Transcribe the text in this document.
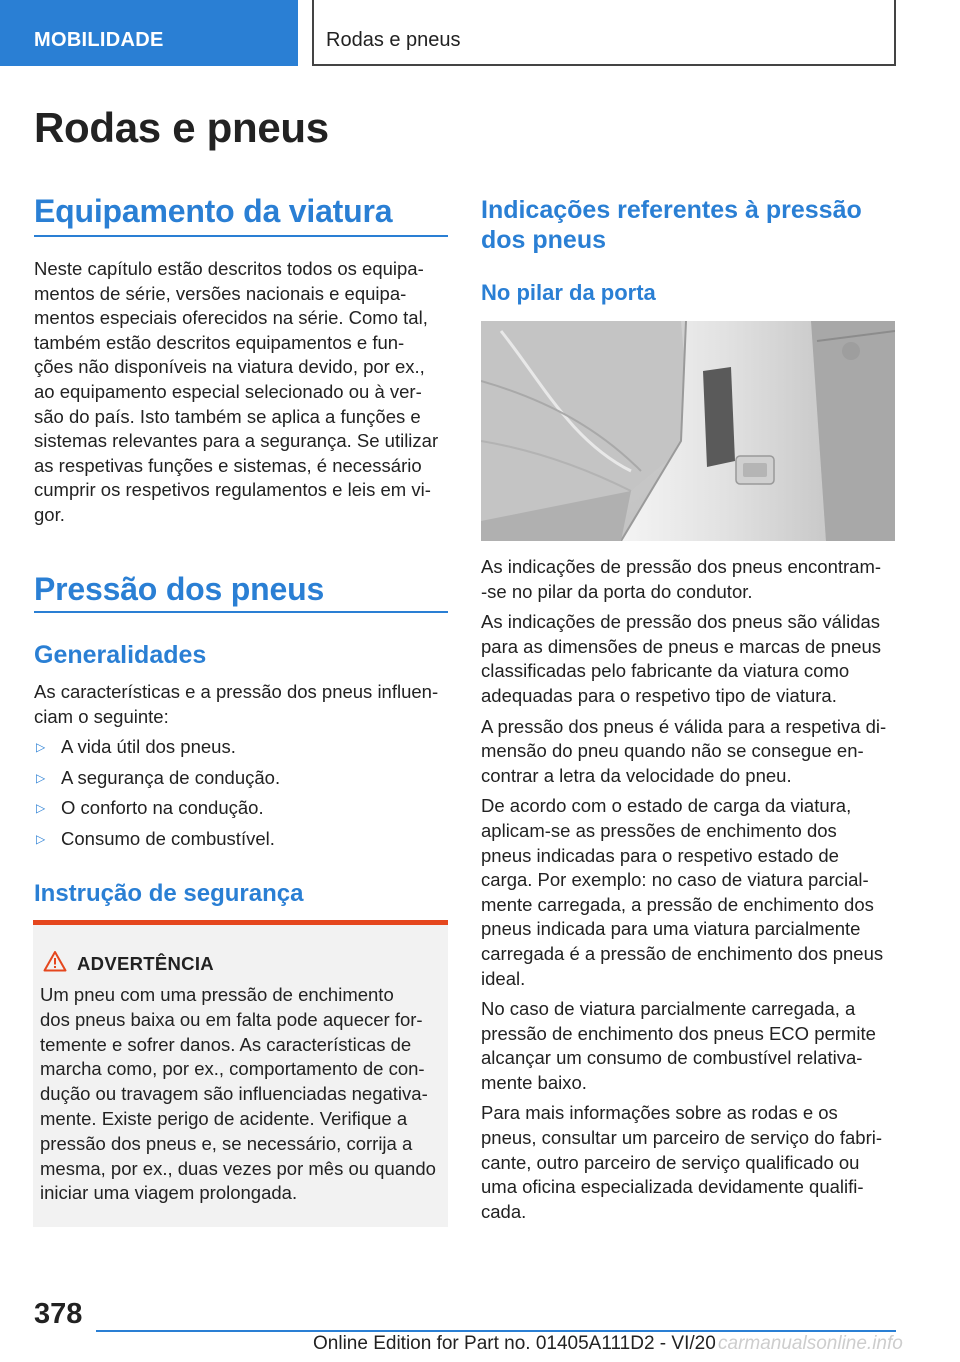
MOBILIDADE	Rodas e pneus
Rodas e pneus
Equipamento da viatura

Neste capítulo estão descritos todos os equipa-

mentos de série, versões nacionais e equipa-

mentos especiais oferecidos na série. Como tal,

também estão descritos equipamentos e fun-

ções não disponíveis na viatura devido, por ex.,

ao equipamento especial selecionado ou à ver-

são do país. Isto também se aplica a funções e

sistemas relevantes para a segurança. Se utilizar

as respetivas funções e sistemas, é necessário

cumprir os respetivos regulamentos e leis em vi-

gor.

Pressão dos pneus
Generalidades

As características e a pressão dos pneus influen-

ciam o seguinte:

▷ A vida útil dos pneus.
▷ A segurança de condução.
▷ O conforto na condução.
▷ Consumo de combustível.
Instrução de segurança
ADVERTÊNCIA

Um pneu com uma pressão de enchimento

dos pneus baixa ou em falta pode aquecer for-

temente e sofrer danos. As características de

marcha como, por ex., comportamento de con-

dução ou travagem são influenciadas negativa-

mente. Existe perigo de acidente. Verifique a

pressão dos pneus e, se necessário, corrija a

mesma, por ex., duas vezes por mês ou quando

iniciar uma viagem prolongada.

Indicações referentes à pressão
dos pneus
No pilar da porta

As indicações de pressão dos pneus encontram-

-se no pilar da porta do condutor.

As indicações de pressão dos pneus são válidas

para as dimensões de pneus e marcas de pneus

classificadas pelo fabricante da viatura como

adequadas para o respetivo tipo de viatura.

A pressão dos pneus é válida para a respetiva di-

mensão do pneu quando não se consegue en-

contrar a letra da velocidade do pneu.

De acordo com o estado de carga da viatura,

aplicam-se as pressões de enchimento dos

pneus indicadas para o respetivo estado de

carga. Por exemplo: no caso de viatura parcial-

mente carregada, a pressão de enchimento dos

pneus indicada para uma viatura parcialmente

carregada é a pressão de enchimento dos pneus

ideal.

No caso de viatura parcialmente carregada, a

pressão de enchimento dos pneus ECO permite

alcançar um consumo de combustível relativa-

mente baixo.

Para mais informações sobre as rodas e os

pneus, consultar um parceiro de serviço do fabri-

cante, outro parceiro de serviço qualificado ou

uma oficina especializada devidamente qualifi-

cada.

378
Online Edition for Part no. 01405A111D2 - VI/20 carmanualsonline.info
